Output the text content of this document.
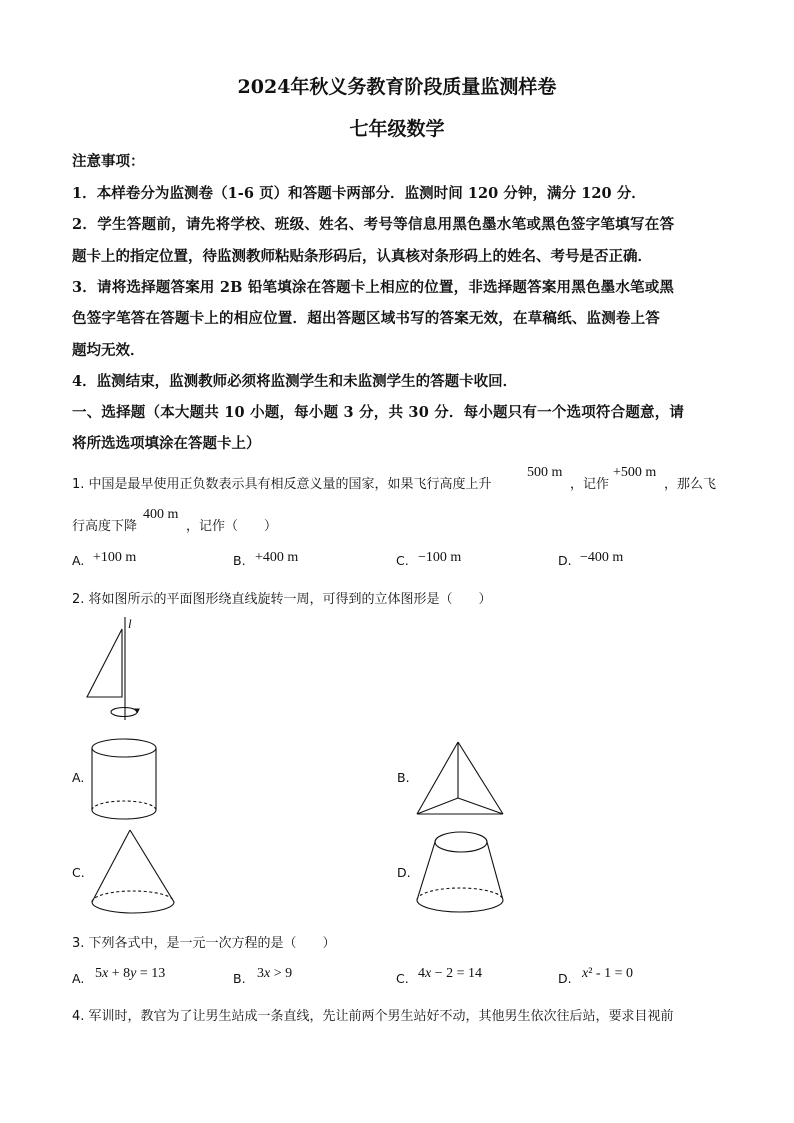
2024年秋义务教育阶段质量监测样卷
七年级数学
注意事项：
1．本样卷分为监测卷（1-6 页）和答题卡两部分．监测时间 120 分钟，满分 120 分．
2．学生答题前，请先将学校、班级、姓名、考号等信息用黑色墨水笔或黑色签字笔填写在答
题卡上的指定位置，待监测教师粘贴条形码后，认真核对条形码上的姓名、考号是否正确．
3．请将选择题答案用 2B 铅笔填涂在答题卡上相应的位置，非选择题答案用黑色墨水笔或黑
色签字笔答在答题卡上的相应位置．超出答题区域书写的答案无效，在草稿纸、监测卷上答
题均无效．
4．监测结束，监测教师必须将监测学生和未监测学生的答题卡收回．
一、选择题（本大题共 10 小题，每小题 3 分，共 30 分．每小题只有一个选项符合题意，请
将所选选项填涂在答题卡上）
1. 中国是最早使用正负数表示具有相反意义量的国家，如果飞行高度上升
500 m
，记作
+500 m
，那么飞
行高度下降
400 m
，记作（　　）
A. +100 m	B. +400 m	C. −100 m	D. −400 m
2. 将如图所示的平面图形绕直线旋转一周，可得到的立体图形是（　　）
l
A.	B.
C.	D.
3. 下列各式中，是一元一次方程的是（　　）
A. 5x + 8y = 13	B. 3x > 9	C. 4x − 2 = 14	D. x² - 1 = 0
4. 军训时，教官为了让男生站成一条直线，先让前两个男生站好不动，其他男生依次往后站，要求目视前
